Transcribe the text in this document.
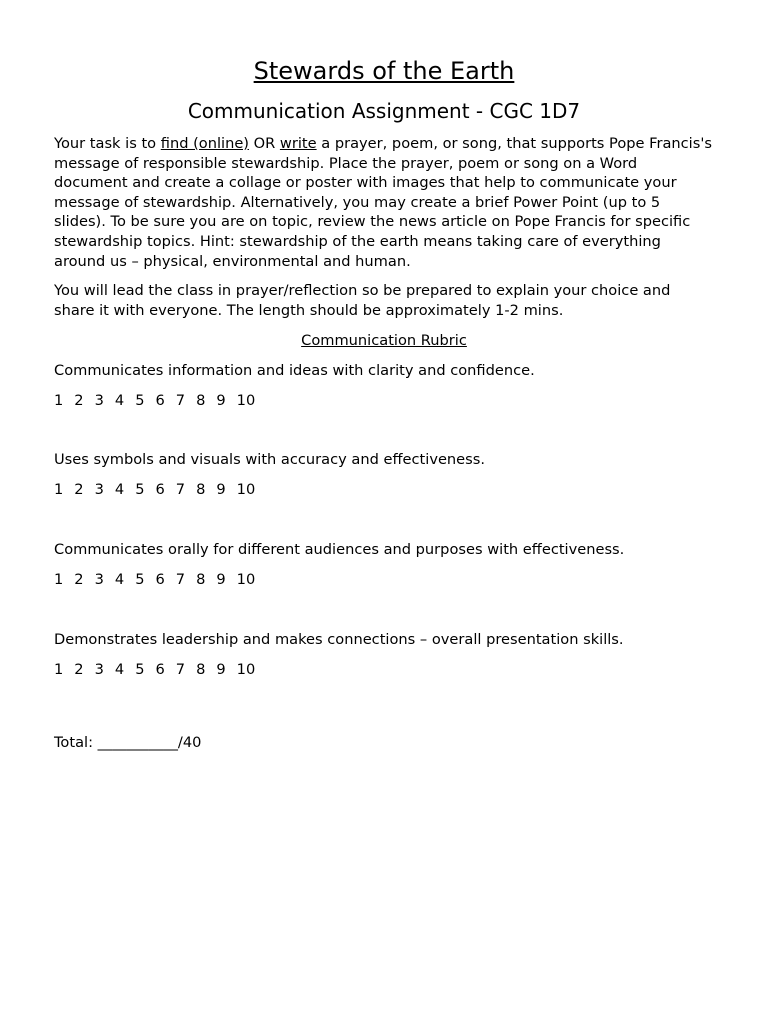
Stewards of the Earth
Communication Assignment - CGC 1D7

Your task is to find (online) OR write a prayer, poem, or song, that supports Pope Francis's message of responsible stewardship. Place the prayer, poem or song on a Word document and create a collage or poster with images that help to communicate your message of stewardship. Alternatively, you may create a brief Power Point (up to 5 slides). To be sure you are on topic, review the news article on Pope Francis for specific stewardship topics. Hint: stewardship of the earth means taking care of everything around us – physical, environmental and human.

You will lead the class in prayer/reflection so be prepared to explain your choice and share it with everyone. The length should be approximately 1-2 mins.

Communication Rubric

Communicates information and ideas with clarity and confidence.

1 2 3 4 5 6 7 8 9 10

Uses symbols and visuals with accuracy and effectiveness.

1 2 3 4 5 6 7 8 9 10

Communicates orally for different audiences and purposes with effectiveness.

1 2 3 4 5 6 7 8 9 10

Demonstrates leadership and makes connections – overall presentation skills.

1 2 3 4 5 6 7 8 9 10

Total: ___________/40
